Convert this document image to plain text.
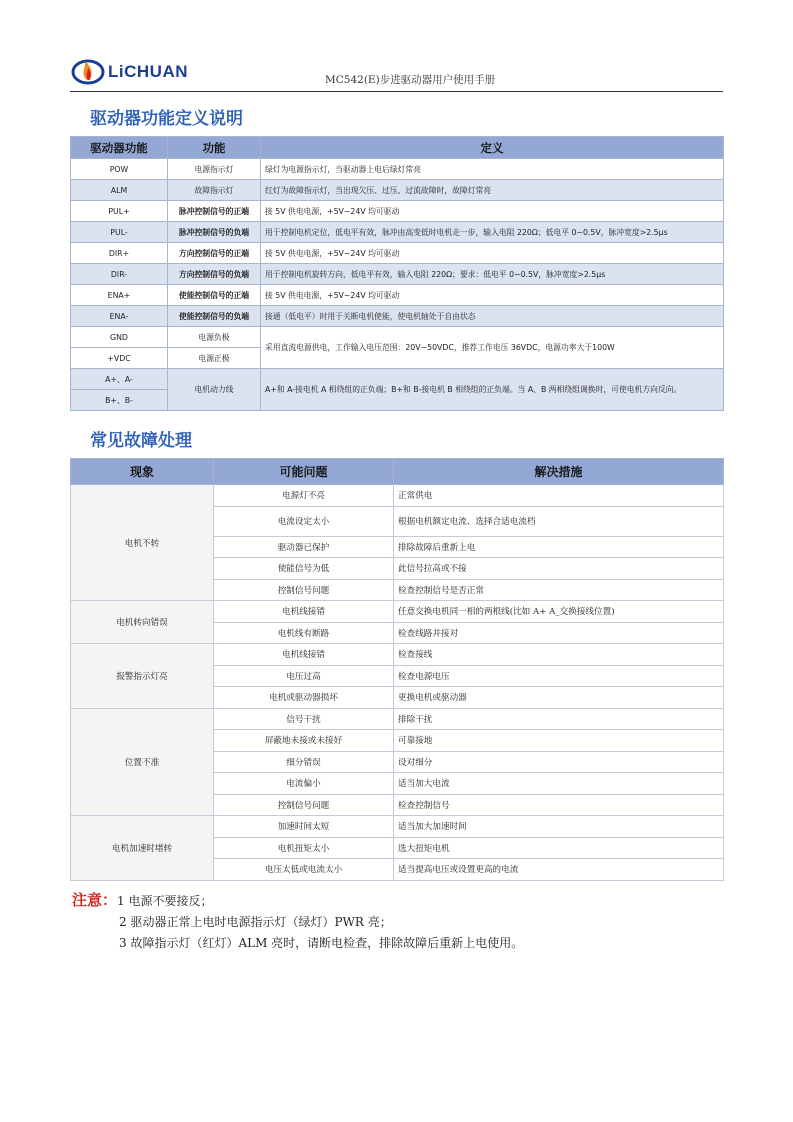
LiCHUAN	MC542(E)步进驱动器用户使用手册
驱动器功能定义说明
驱动器功能	功能	定义
POW	电源指示灯	绿灯为电源指示灯，当驱动器上电后绿灯常亮
ALM	故障指示灯	红灯为故障指示灯，当出现欠压、过压、过流故障时，故障灯常亮
PUL+	脉冲控制信号的正端	接 5V 供电电源，+5V~24V 均可驱动
PUL-	脉冲控制信号的负端	用于控制电机定位，低电平有效，脉冲由高变低时电机走一步，输入电阻 220Ω；低电平 0~0.5V，脉冲宽度>2.5μs
DIR+	方向控制信号的正端	接 5V 供电电源，+5V~24V 均可驱动
DIR-	方向控制信号的负端	用于控制电机旋转方向，低电平有效，输入电阻 220Ω；要求：低电平 0~0.5V，脉冲宽度>2.5μs
ENA+	使能控制信号的正端	接 5V 供电电源，+5V~24V 均可驱动
ENA-	使能控制信号的负端	接通（低电平）时用于关断电机使能，使电机轴处于自由状态
GND	电源负极	采用直流电源供电，工作输入电压范围：20V~50VDC，推荐工作电压 36VDC，电源功率大于100W
+VDC	电源正极	
A+、A-	电机动力线	A+和 A-接电机 A 相绕组的正负端；B+和 B-接电机 B 相绕组的正负端。当 A、B 两相绕组调换时，可使电机方向反向。
B+、B-		
常见故障处理
现象	可能问题	解决措施
电机不转	电源灯不亮	正常供电
	电流设定太小	根据电机额定电流、选择合适电流档
	驱动器已保护	排除故障后重新上电
	使能信号为低	此信号拉高或不接
	控制信号问题	检查控制信号是否正常
电机转向错误	电机线接错	任意交换电机同一相的两根线(比如 A+ A_交换接线位置)
	电机线有断路	检查线路并接对
报警指示灯亮	电机线接错	检查接线
	电压过高	检查电源电压
	电机或驱动器损坏	更换电机或驱动器
位置不准	信号干扰	排除干扰
	屏蔽地未接或未接好	可靠接地
	细分错误	设对细分
	电流偏小	适当加大电流
	控制信号问题	检查控制信号
电机加速时堵转	加速时间太短	适当加大加速时间
	电机扭矩太小	选大扭矩电机
	电压太低或电流太小	适当提高电压或设置更高的电流
注意：1 电源不要接反；
2 驱动器正常上电时电源指示灯（绿灯）PWR 亮；
3 故障指示灯（红灯）ALM 亮时，请断电检查，排除故障后重新上电使用。
